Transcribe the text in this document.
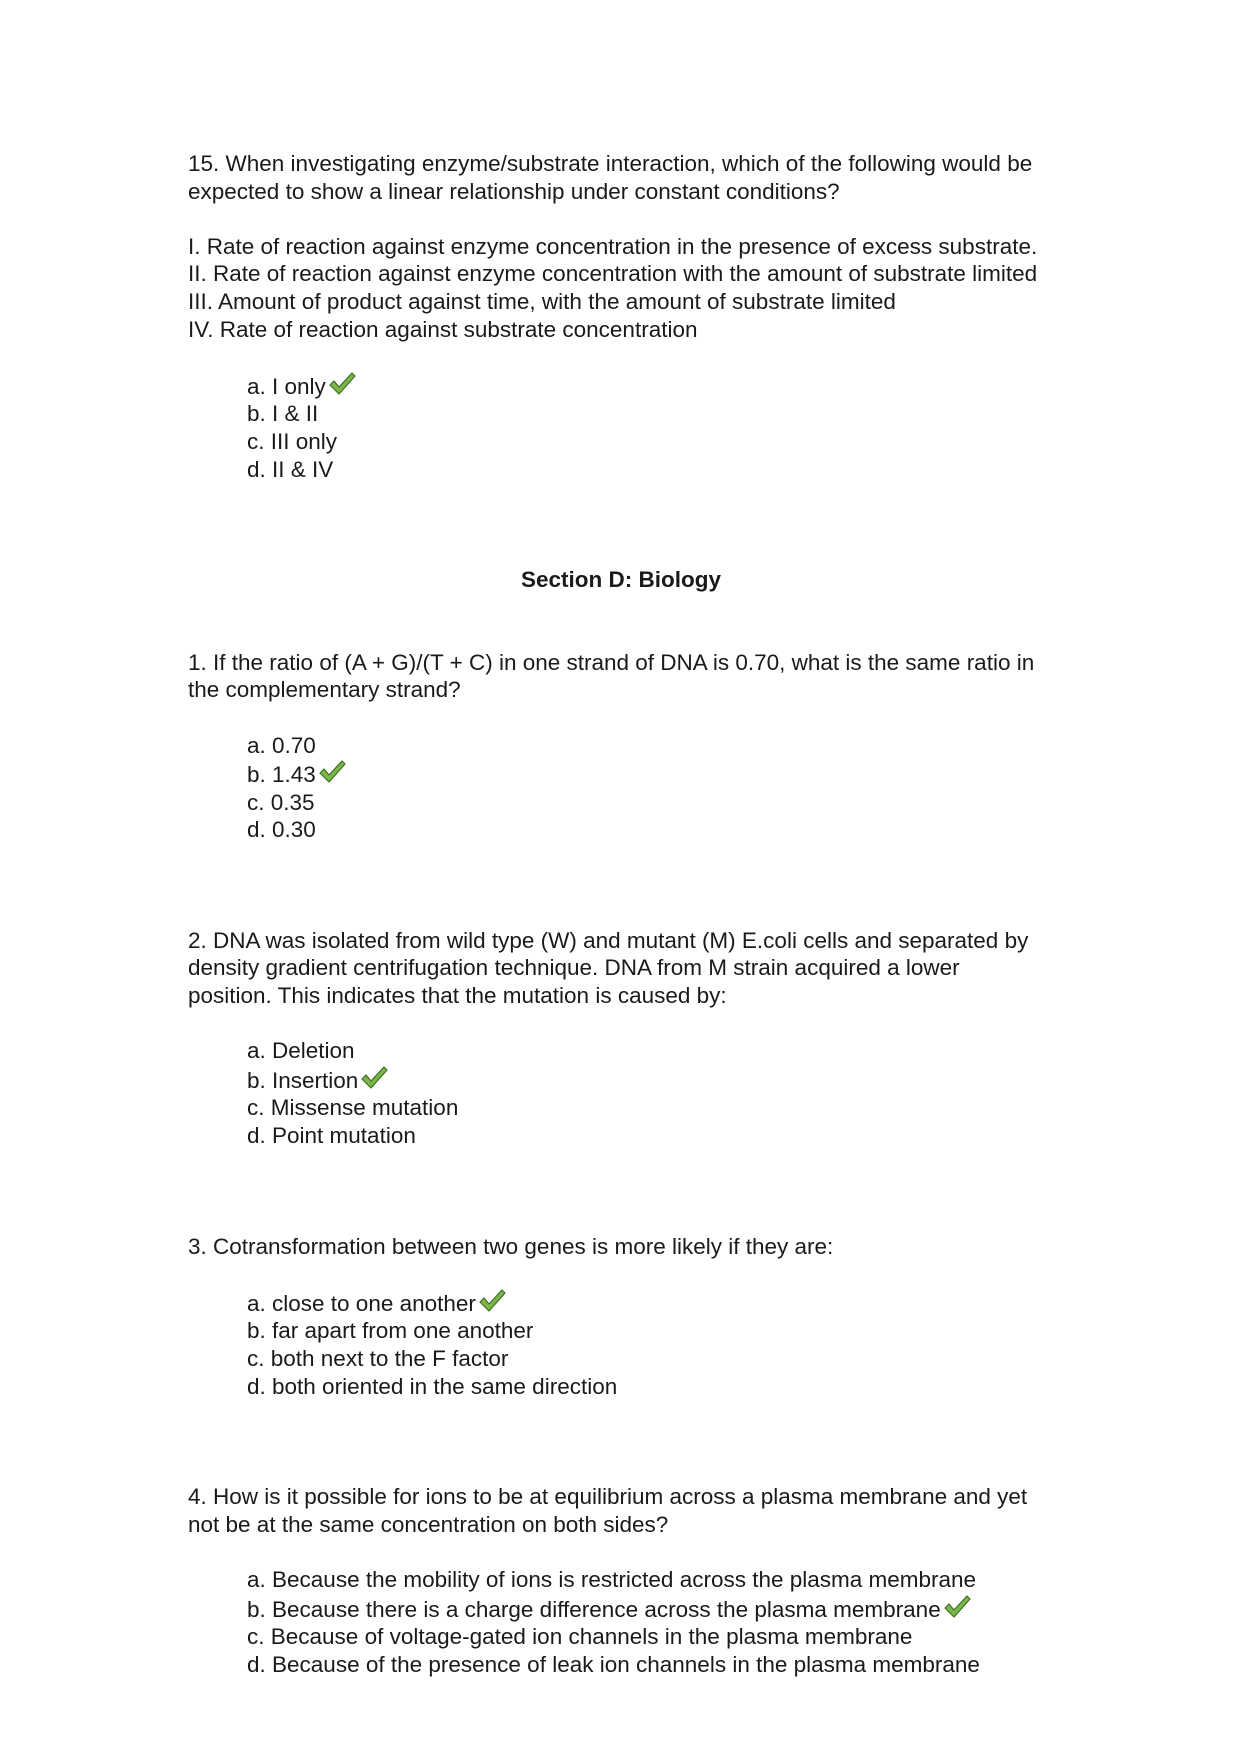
15. When investigating enzyme/substrate interaction, which of the following would be
expected to show a linear relationship under constant conditions?
I. Rate of reaction against enzyme concentration in the presence of excess substrate.
II. Rate of reaction against enzyme concentration with the amount of substrate limited
III. Amount of product against time, with the amount of substrate limited
IV. Rate of reaction against substrate concentration
a. I only
b. I & II
c. III only
d. II & IV
Section D: Biology
1. If the ratio of (A + G)/(T + C) in one strand of DNA is 0.70, what is the same ratio in
the complementary strand?
a. 0.70
b. 1.43
c. 0.35
d. 0.30
2. DNA was isolated from wild type (W) and mutant (M) E.coli cells and separated by
density gradient centrifugation technique. DNA from M strain acquired a lower
position. This indicates that the mutation is caused by:
a. Deletion
b. Insertion
c. Missense mutation
d. Point mutation
3. Cotransformation between two genes is more likely if they are:
a. close to one another
b. far apart from one another
c. both next to the F factor
d. both oriented in the same direction
4. How is it possible for ions to be at equilibrium across a plasma membrane and yet
not be at the same concentration on both sides?
a. Because the mobility of ions is restricted across the plasma membrane
b. Because there is a charge difference across the plasma membrane
c. Because of voltage-gated ion channels in the plasma membrane
d. Because of the presence of leak ion channels in the plasma membrane
